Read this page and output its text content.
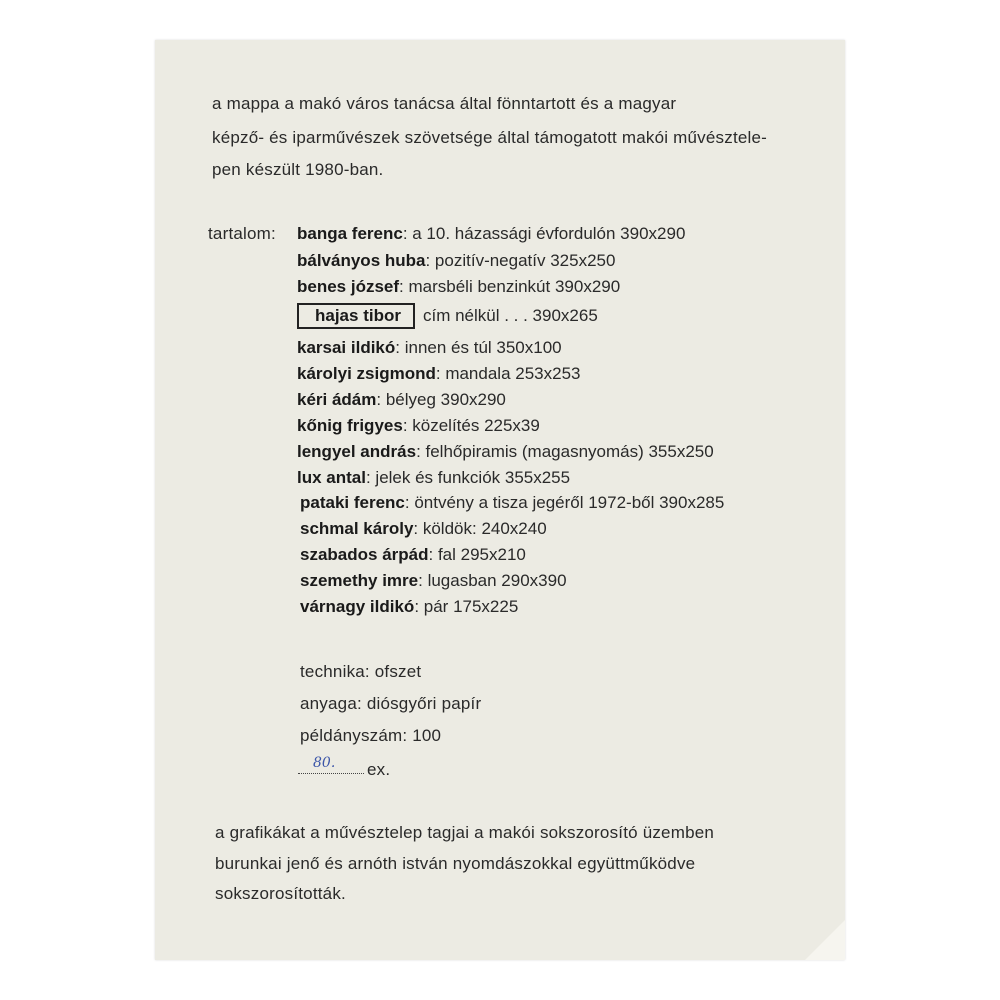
a mappa a makó város tanácsa által fönntartott és a magyar
képző- és iparművészek szövetsége által támogatott makói művésztele-
pen készült 1980-ban.
tartalom: banga ferenc: a 10. házassági évfordulón 390x290
bálványos huba: pozitív-negatív 325x250
benes józsef: marsbéli benzinkút 390x290
hajas tibor cím nélkül . . . 390x265
karsai ildikó: innen és túl 350x100
károlyi zsigmond: mandala 253x253
kéri ádám: bélyeg 390x290
kőnig frigyes: közelítés 225x39
lengyel andrás: felhőpiramis (magasnyomás) 355x250
lux antal: jelek és funkciók 355x255
pataki ferenc: öntvény a tisza jegéről 1972-ből 390x285
schmal károly: köldök: 240x240
szabados árpád: fal 295x210
szemethy imre: lugasban 290x390
várnagy ildikó: pár 175x225
technika: ofszet
anyaga: diósgyőri papír
példányszám: 100
80. ex.
a grafikákat a művésztelep tagjai a makói sokszorosító üzemben
burunkai jenő és arnóth istván nyomdászokkal együttműködve
sokszorosították.
